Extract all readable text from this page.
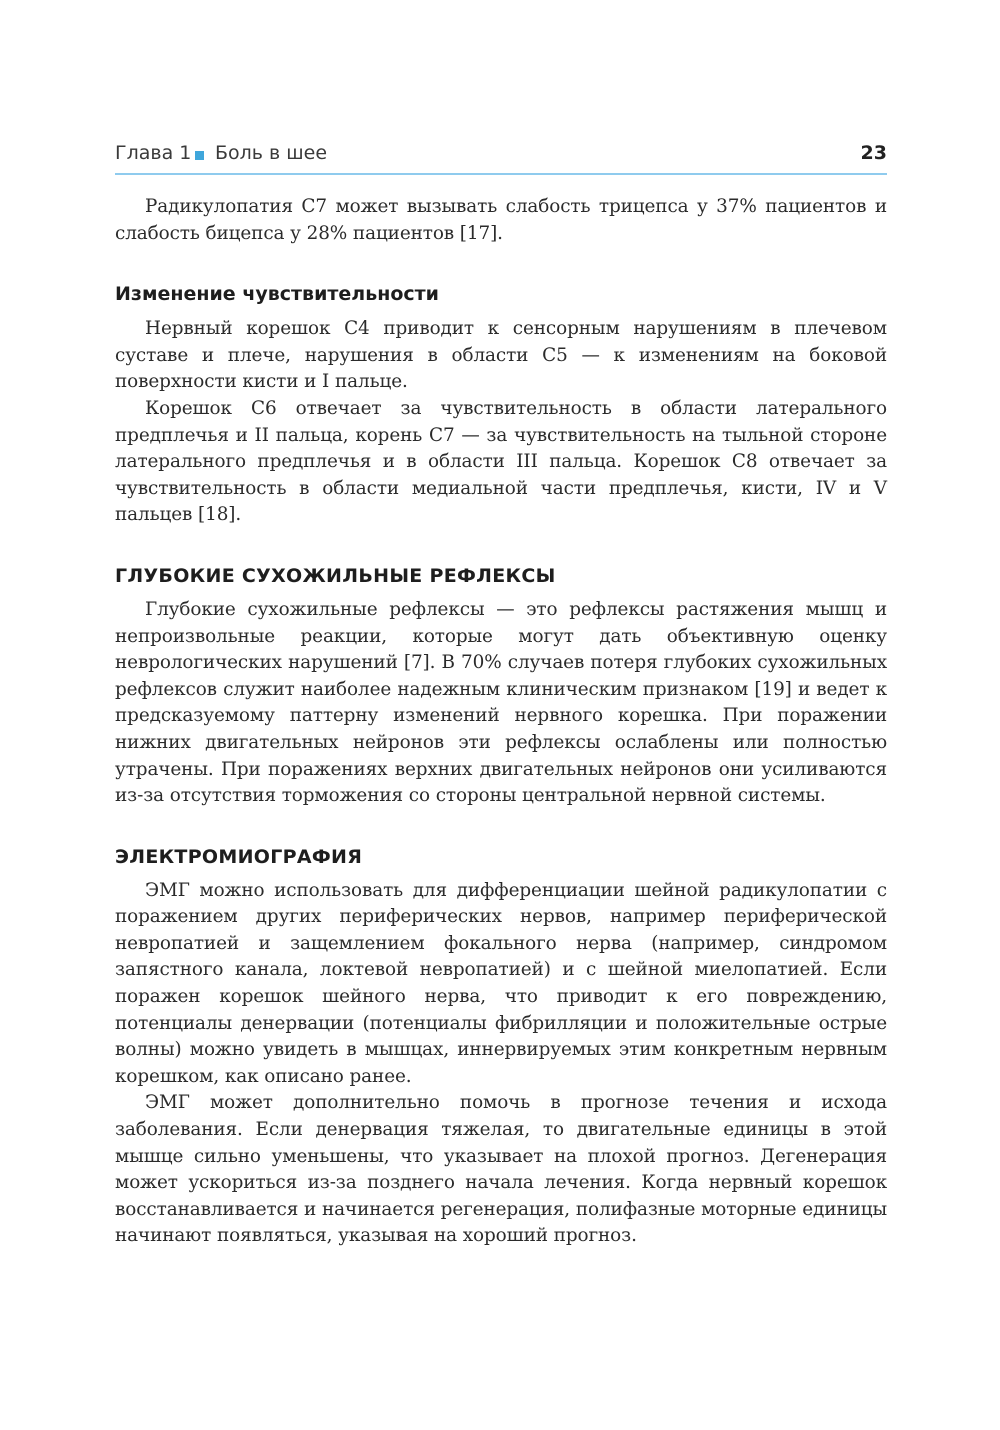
Глава 1 Боль в шее	23

Радикулопатия C7 может вызывать слабость трицепса у 37% пациентов и слабость бицепса у 28% пациентов [17].

Изменение чувствительности

Нервный корешок C4 приводит к сенсорным нарушениям в плечевом суставе и плече, нарушения в области C5 — к изменениям на боковой поверхности кисти и I пальце.

Корешок C6 отвечает за чувствительность в области латерального предплечья и II пальца, корень C7 — за чувствительность на тыльной стороне латерального предплечья и в области III пальца. Корешок C8 отвечает за чувствительность в области медиальной части предплечья, кисти, IV и V пальцев [18].

ГЛУБОКИЕ СУХОЖИЛЬНЫЕ РЕФЛЕКСЫ

Глубокие сухожильные рефлексы — это рефлексы растяжения мышц и непроизвольные реакции, которые могут дать объективную оценку неврологических нарушений [7]. В 70% случаев потеря глубоких сухожильных рефлексов служит наиболее надежным клиническим признаком [19] и ведет к предсказуемому паттерну изменений нервного корешка. При поражении нижних двигательных нейронов эти рефлексы ослаблены или полностью утрачены. При поражениях верхних двигательных нейронов они усиливаются из-за отсутствия торможения со стороны центральной нервной системы.

ЭЛЕКТРОМИОГРАФИЯ

ЭМГ можно использовать для дифференциации шейной радикулопатии с поражением других периферических нервов, например периферической невропатией и защемлением фокального нерва (например, синдромом запястного канала, локтевой невропатией) и с шейной миелопатией. Если поражен корешок шейного нерва, что приводит к его повреждению, потенциалы денервации (потенциалы фибрилляции и положительные острые волны) можно увидеть в мышцах, иннервируемых этим конкретным нервным корешком, как описано ранее.

ЭМГ может дополнительно помочь в прогнозе течения и исхода заболевания. Если денервация тяжелая, то двигательные единицы в этой мышце сильно уменьшены, что указывает на плохой прогноз. Дегенерация может ускориться из-за позднего начала лечения. Когда нервный корешок восстанавливается и начинается регенерация, полифазные моторные единицы начинают появляться, указывая на хороший прогноз.
